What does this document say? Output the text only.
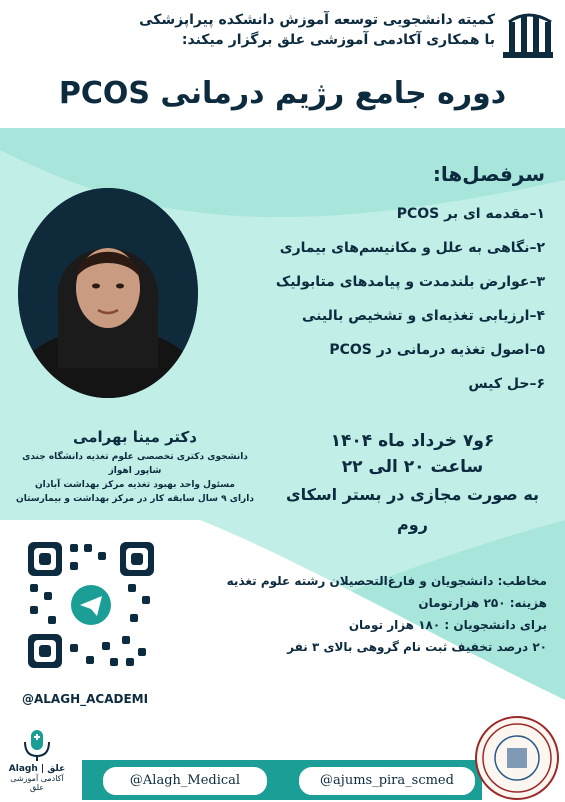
کمیته دانشجویی توسعه آموزش دانشکده پیراپزشکی
با همکاری آکادمی آموزشی علق برگزار میکند:
دوره جامع رژیم درمانی PCOS
سرفصل‌ها:
۱–مقدمه ای بر PCOS
۲–نگاهی به علل و مکانیسم‌های بیماری
۳–عوارض بلندمدت و پیامدهای متابولیک
۴–ارزیابی تغذیه‌ای و تشخیص بالینی
۵–اصول تغذیه درمانی در PCOS
۶–حل کیس
دکتر مینا بهرامی
دانشجوی دکتری تخصصی علوم تغذیه دانشگاه جندی شاپور اهواز
مسئول واحد بهبود تغذیه مرکز بهداشت آبادان
دارای ۹ سال سابقه کار در مرکز بهداشت و بیمارستان
۶و۷ خرداد ماه ۱۴۰۴
ساعت ۲۰ الی ۲۲
به صورت مجازی در بستر اسکای روم
@ALAGH_ACADEMI
مخاطب: دانشجویان و فارغ‌التحصیلان رشته علوم تغذیه
هزینه: ۲۵۰ هزارتومان
برای دانشجویان : ۱۸۰ هزار تومان
۲۰ درصد تخفیف ثبت نام گروهی بالای ۳ نفر
@Alagh_Medical	@ajums_pira_scmed
Alagh | علق
آکادمی آموزشی علق
